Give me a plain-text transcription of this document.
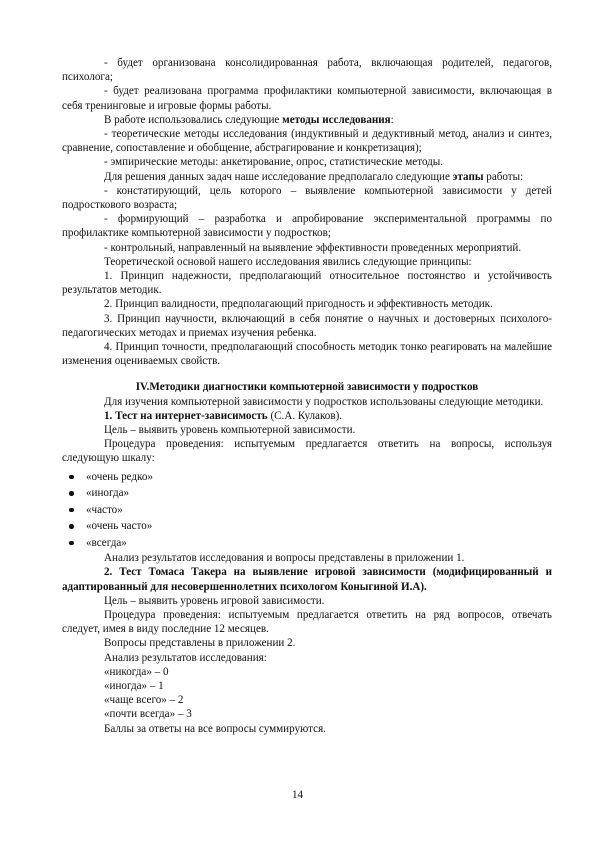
- будет организована консолидированная работа, включающая родителей, педагогов, психолога;

- будет реализована программа профилактики компьютерной зависимости, включающая в себя тренинговые и игровые формы работы.

В работе использовались следующие методы исследования:

- теоретические методы исследования (индуктивный и дедуктивный метод, анализ и синтез, сравнение, сопоставление и обобщение, абстрагирование и конкретизация);

- эмпирические методы: анкетирование, опрос, статистические методы.

Для решения данных задач наше исследование предполагало следующие этапы работы:

- констатирующий, цель которого – выявление компьютерной зависимости у детей подросткового возраста;

- формирующий – разработка и апробирование экспериментальной программы по профилактике компьютерной зависимости у подростков;

- контрольный, направленный на выявление эффективности проведенных мероприятий.

Теоретической основой нашего исследования явились следующие принципы:

1. Принцип надежности, предполагающий относительное постоянство и устойчивость результатов методик.

2. Принцип валидности, предполагающий пригодность и эффективность методик.

3. Принцип научности, включающий в себя понятие о научных и достоверных психолого-педагогических методах и приемах изучения ребенка.

4. Принцип точности, предполагающий способность методик тонко реагировать на малейшие изменения оцениваемых свойств.

IV.Методики диагностики компьютерной зависимости у подростков

Для изучения компьютерной зависимости у подростков использованы следующие методики.

1. Тест на интернет-зависимость (С.А. Кулаков).

Цель – выявить уровень компьютерной зависимости.

Процедура проведения: испытуемым предлагается ответить на вопросы, используя следующую шкалу:

«очень редко»
«иногда»
«часто»
«очень часто»
«всегда»

Анализ результатов исследования и вопросы представлены в приложении 1.

2. Тест Томаса Такера на выявление игровой зависимости (модифицированный и адаптированный для несовершеннолетних психологом Коныгиной И.А).

Цель – выявить уровень игровой зависимости.

Процедура проведения: испытуемым предлагается ответить на ряд вопросов, отвечать следует, имея в виду последние 12 месяцев.

Вопросы представлены в приложении 2.

Анализ результатов исследования:

«никогда» – 0

«иногда» – 1

«чаще всего» – 2

«почти всегда» – 3

Баллы за ответы на все вопросы суммируются.

14
